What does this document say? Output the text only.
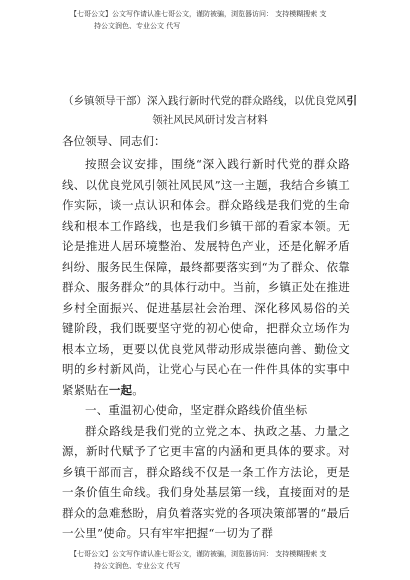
【七哥公文】公文写作请认准七哥公文，谨防被骗，浏览器访问： 支持模糊搜索 支
持公文润色、专业公文 代写
（乡镇领导干部）深入践行新时代党的群众路线，以优良党风引 领社风民风研讨发言材料
各位领导、同志们：

按照会议安排，围绕“深入践行新时代党的群众路线、以优良党风引领社风民风”这一主题，我结合乡镇工作实际，谈一点认识和体会。群众路线是我们党的生命线和根本工作路线，也是我们乡镇干部的看家本领。无论是推进人居环境整治、发展特色产业，还是化解矛盾纠纷、服务民生保障，最终都要落实到“为了群众、依靠群众、服务群众”的具体行动中。当前，乡镇正处在推进乡村全面振兴、促进基层社会治理、深化移风易俗的关键阶段，我们既要坚守党的初心使命，把群众立场作为根本立场，更要以优良党风带动形成崇德向善、勤俭文明的乡村新风尚，让党心与民心在一件件具体的实事中紧紧贴在一起。

一、重温初心使命，坚定群众路线价值坐标

群众路线是我们党的立党之本、执政之基、力量之源，新时代赋予了它更丰富的内涵和更具体的要求。对乡镇干部而言，群众路线不仅是一条工作方法论，更是一条价值生命线。我们身处基层第一线，直接面对的是群众的急难愁盼，肩负着落实党的各项决策部署的“最后一公里”使命。只有牢牢把握“一切为了群

【七哥公文】公文写作请认准七哥公文，谨防被骗，浏览器访问： 支持模糊搜索 支
持公文润色、专业公文 代写
